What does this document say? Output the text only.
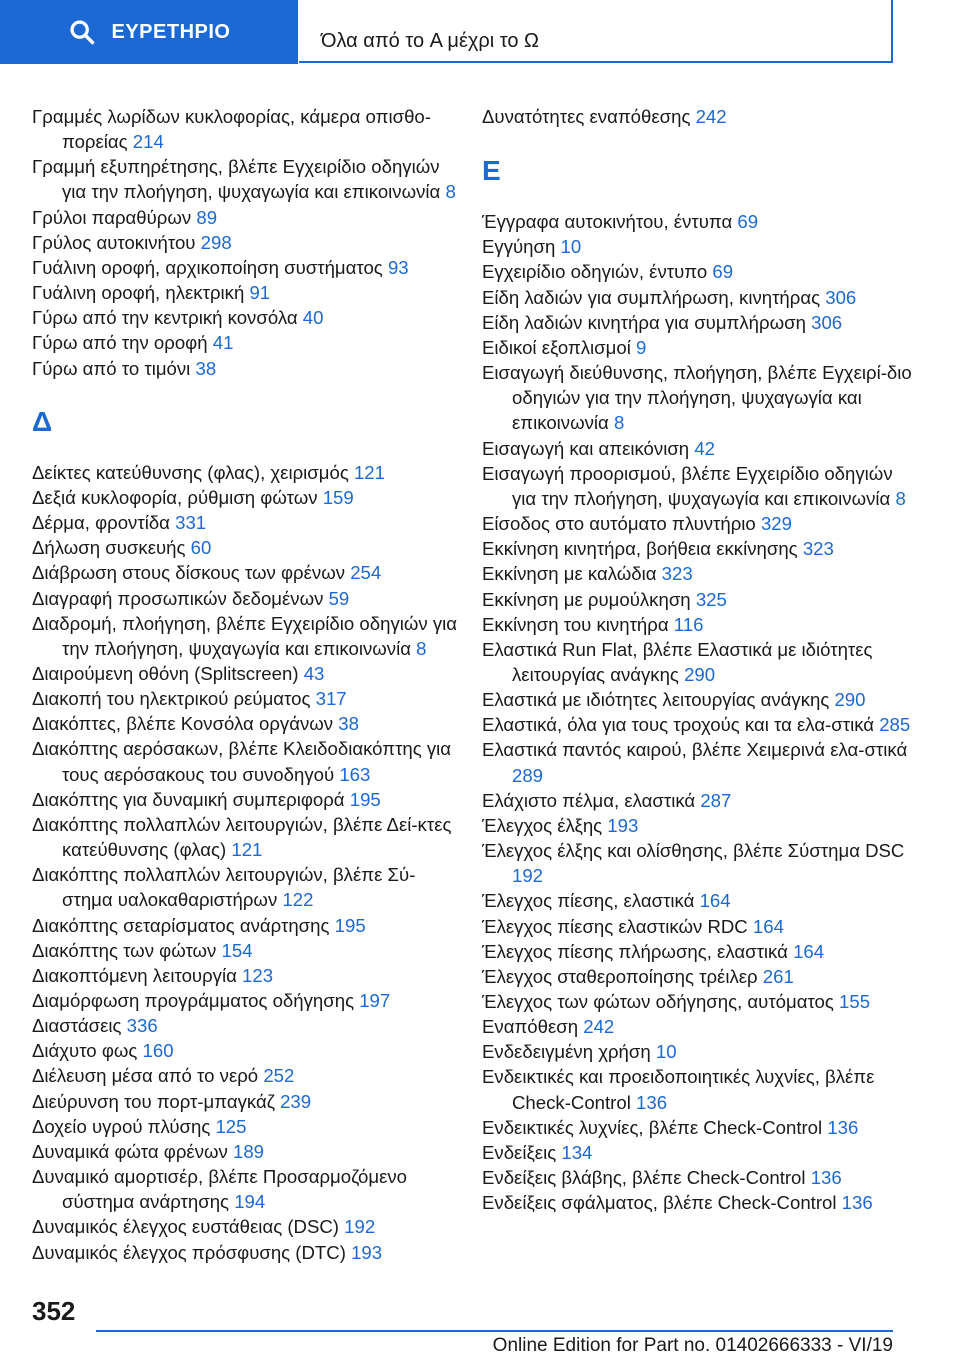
ΕΥΡΕΤΗΡΙΟ	Όλα από το A μέχρι το Ω
Γραμμές λωρίδων κυκλοφορίας, κάμερα οπισθο-πορείας 214
Γραμμή εξυπηρέτησης, βλέπε Εγχειρίδιο οδηγιών για την πλοήγηση, ψυχαγωγία και επικοινωνία 8
Γρύλοι παραθύρων 89
Γρύλος αυτοκινήτου 298
Γυάλινη οροφή, αρχικοποίηση συστήματος 93
Γυάλινη οροφή, ηλεκτρική 91
Γύρω από την κεντρική κονσόλα 40
Γύρω από την οροφή 41
Γύρω από το τιμόνι 38
Δ
Δείκτες κατεύθυνσης (φλας), χειρισμός 121
Δεξιά κυκλοφορία, ρύθμιση φώτων 159
Δέρμα, φροντίδα 331
Δήλωση συσκευής 60
Διάβρωση στους δίσκους των φρένων 254
Διαγραφή προσωπικών δεδομένων 59
Διαδρομή, πλοήγηση, βλέπε Εγχειρίδιο οδηγιών για την πλοήγηση, ψυχαγωγία και επικοινωνία 8
Διαιρούμενη οθόνη (Splitscreen) 43
Διακοπή του ηλεκτρικού ρεύματος 317
Διακόπτες, βλέπε Κονσόλα οργάνων 38
Διακόπτης αερόσακων, βλέπε Κλειδοδιακόπτης για τους αερόσακους του συνοδηγού 163
Διακόπτης για δυναμική συμπεριφορά 195
Διακόπτης πολλαπλών λειτουργιών, βλέπε Δεί-κτες κατεύθυνσης (φλας) 121
Διακόπτης πολλαπλών λειτουργιών, βλέπε Σύ-στημα υαλοκαθαριστήρων 122
Διακόπτης σεταρίσματος ανάρτησης 195
Διακόπτης των φώτων 154
Διακοπτόμενη λειτουργία 123
Διαμόρφωση προγράμματος οδήγησης 197
Διαστάσεις 336
Διάχυτο φως 160
Διέλευση μέσα από το νερό 252
Διεύρυνση του πορτ-μπαγκάζ 239
Δοχείο υγρού πλύσης 125
Δυναμικά φώτα φρένων 189
Δυναμικό αμορτισέρ, βλέπε Προσαρμοζόμενο σύστημα ανάρτησης 194
Δυναμικός έλεγχος ευστάθειας (DSC) 192
Δυναμικός έλεγχος πρόσφυσης (DTC) 193
Δυνατότητες εναπόθεσης 242
Ε
Έγγραφα αυτοκινήτου, έντυπα 69
Εγγύηση 10
Εγχειρίδιο οδηγιών, έντυπο 69
Είδη λαδιών για συμπλήρωση, κινητήρας 306
Είδη λαδιών κινητήρα για συμπλήρωση 306
Ειδικοί εξοπλισμοί 9
Εισαγωγή διεύθυνσης, πλοήγηση, βλέπε Εγχειρί-διο οδηγιών για την πλοήγηση, ψυχαγωγία και επικοινωνία 8
Εισαγωγή και απεικόνιση 42
Εισαγωγή προορισμού, βλέπε Εγχειρίδιο οδηγιών για την πλοήγηση, ψυχαγωγία και επικοινωνία 8
Είσοδος στο αυτόματο πλυντήριο 329
Εκκίνηση κινητήρα, βοήθεια εκκίνησης 323
Εκκίνηση με καλώδια 323
Εκκίνηση με ρυμούλκηση 325
Εκκίνηση του κινητήρα 116
Ελαστικά Run Flat, βλέπε Ελαστικά με ιδιότητες λειτουργίας ανάγκης 290
Ελαστικά με ιδιότητες λειτουργίας ανάγκης 290
Ελαστικά, όλα για τους τροχούς και τα ελα-στικά 285
Ελαστικά παντός καιρού, βλέπε Χειμερινά ελα-στικά 289
Ελάχιστο πέλμα, ελαστικά 287
Έλεγχος έλξης 193
Έλεγχος έλξης και ολίσθησης, βλέπε Σύστημα DSC 192
Έλεγχος πίεσης, ελαστικά 164
Έλεγχος πίεσης ελαστικών RDC 164
Έλεγχος πίεσης πλήρωσης, ελαστικά 164
Έλεγχος σταθεροποίησης τρέιλερ 261
Έλεγχος των φώτων οδήγησης, αυτόματος 155
Εναπόθεση 242
Ενδεδειγμένη χρήση 10
Ενδεικτικές και προειδοποιητικές λυχνίες, βλέπε Check-Control 136
Ενδεικτικές λυχνίες, βλέπε Check-Control 136
Ενδείξεις 134
Ενδείξεις βλάβης, βλέπε Check-Control 136
Ενδείξεις σφάλματος, βλέπε Check-Control 136
352
Online Edition for Part no. 01402666333 - VI/19
